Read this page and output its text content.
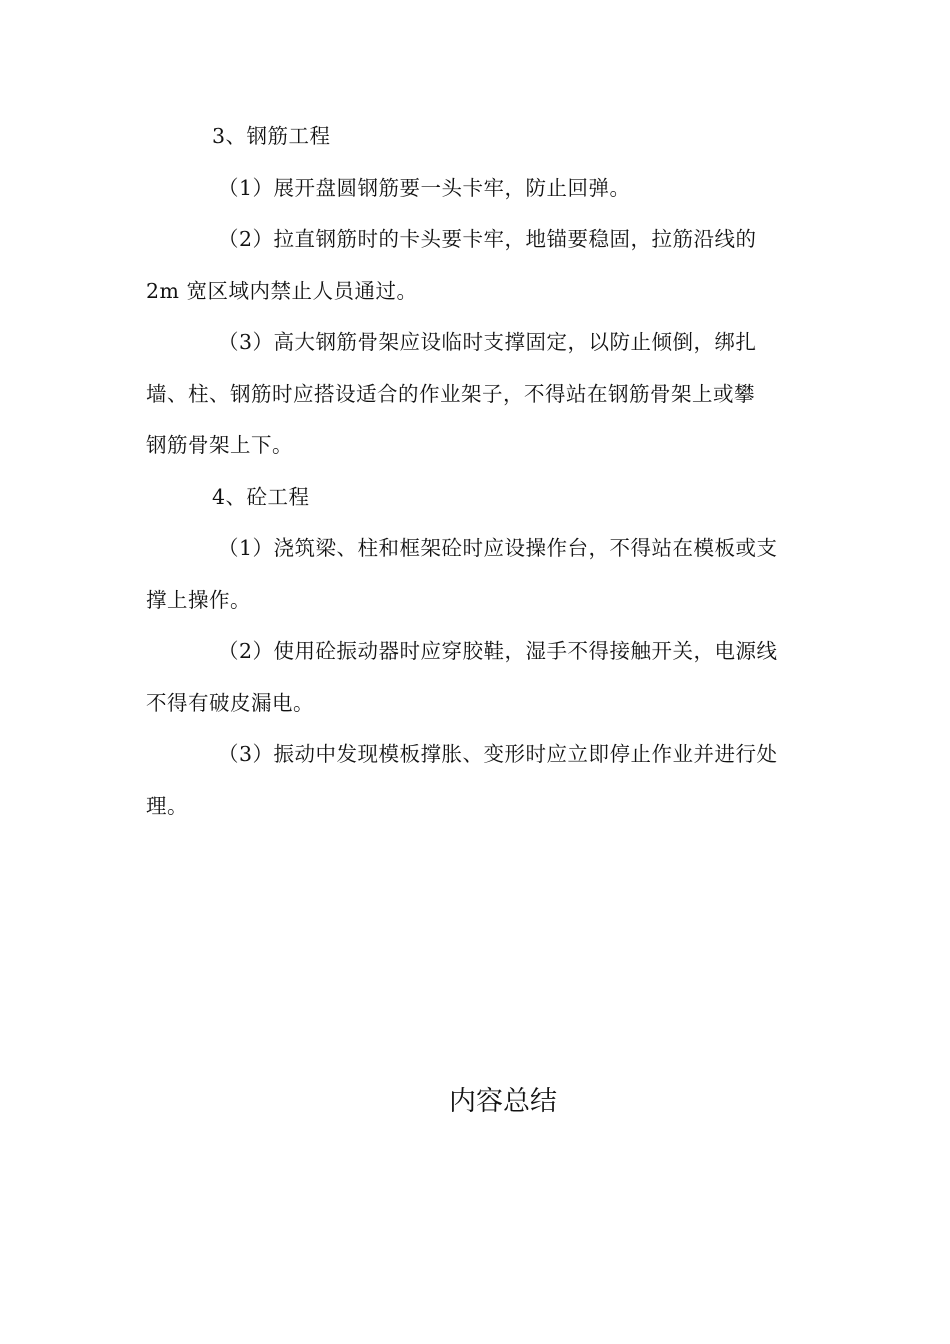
3、钢筋工程
（1）展开盘圆钢筋要一头卡牢，防止回弹。
（2）拉直钢筋时的卡头要卡牢，地锚要稳固，拉筋沿线的
2m 宽区域内禁止人员通过。
（3）高大钢筋骨架应设临时支撑固定，以防止倾倒，绑扎
墙、柱、钢筋时应搭设适合的作业架子，不得站在钢筋骨架上或攀
钢筋骨架上下。
4、砼工程
（1）浇筑梁、柱和框架砼时应设操作台，不得站在模板或支
撑上操作。
（2）使用砼振动器时应穿胶鞋，湿手不得接触开关，电源线
不得有破皮漏电。
（3）振动中发现模板撑胀、变形时应立即停止作业并进行处
理。
内容总结
